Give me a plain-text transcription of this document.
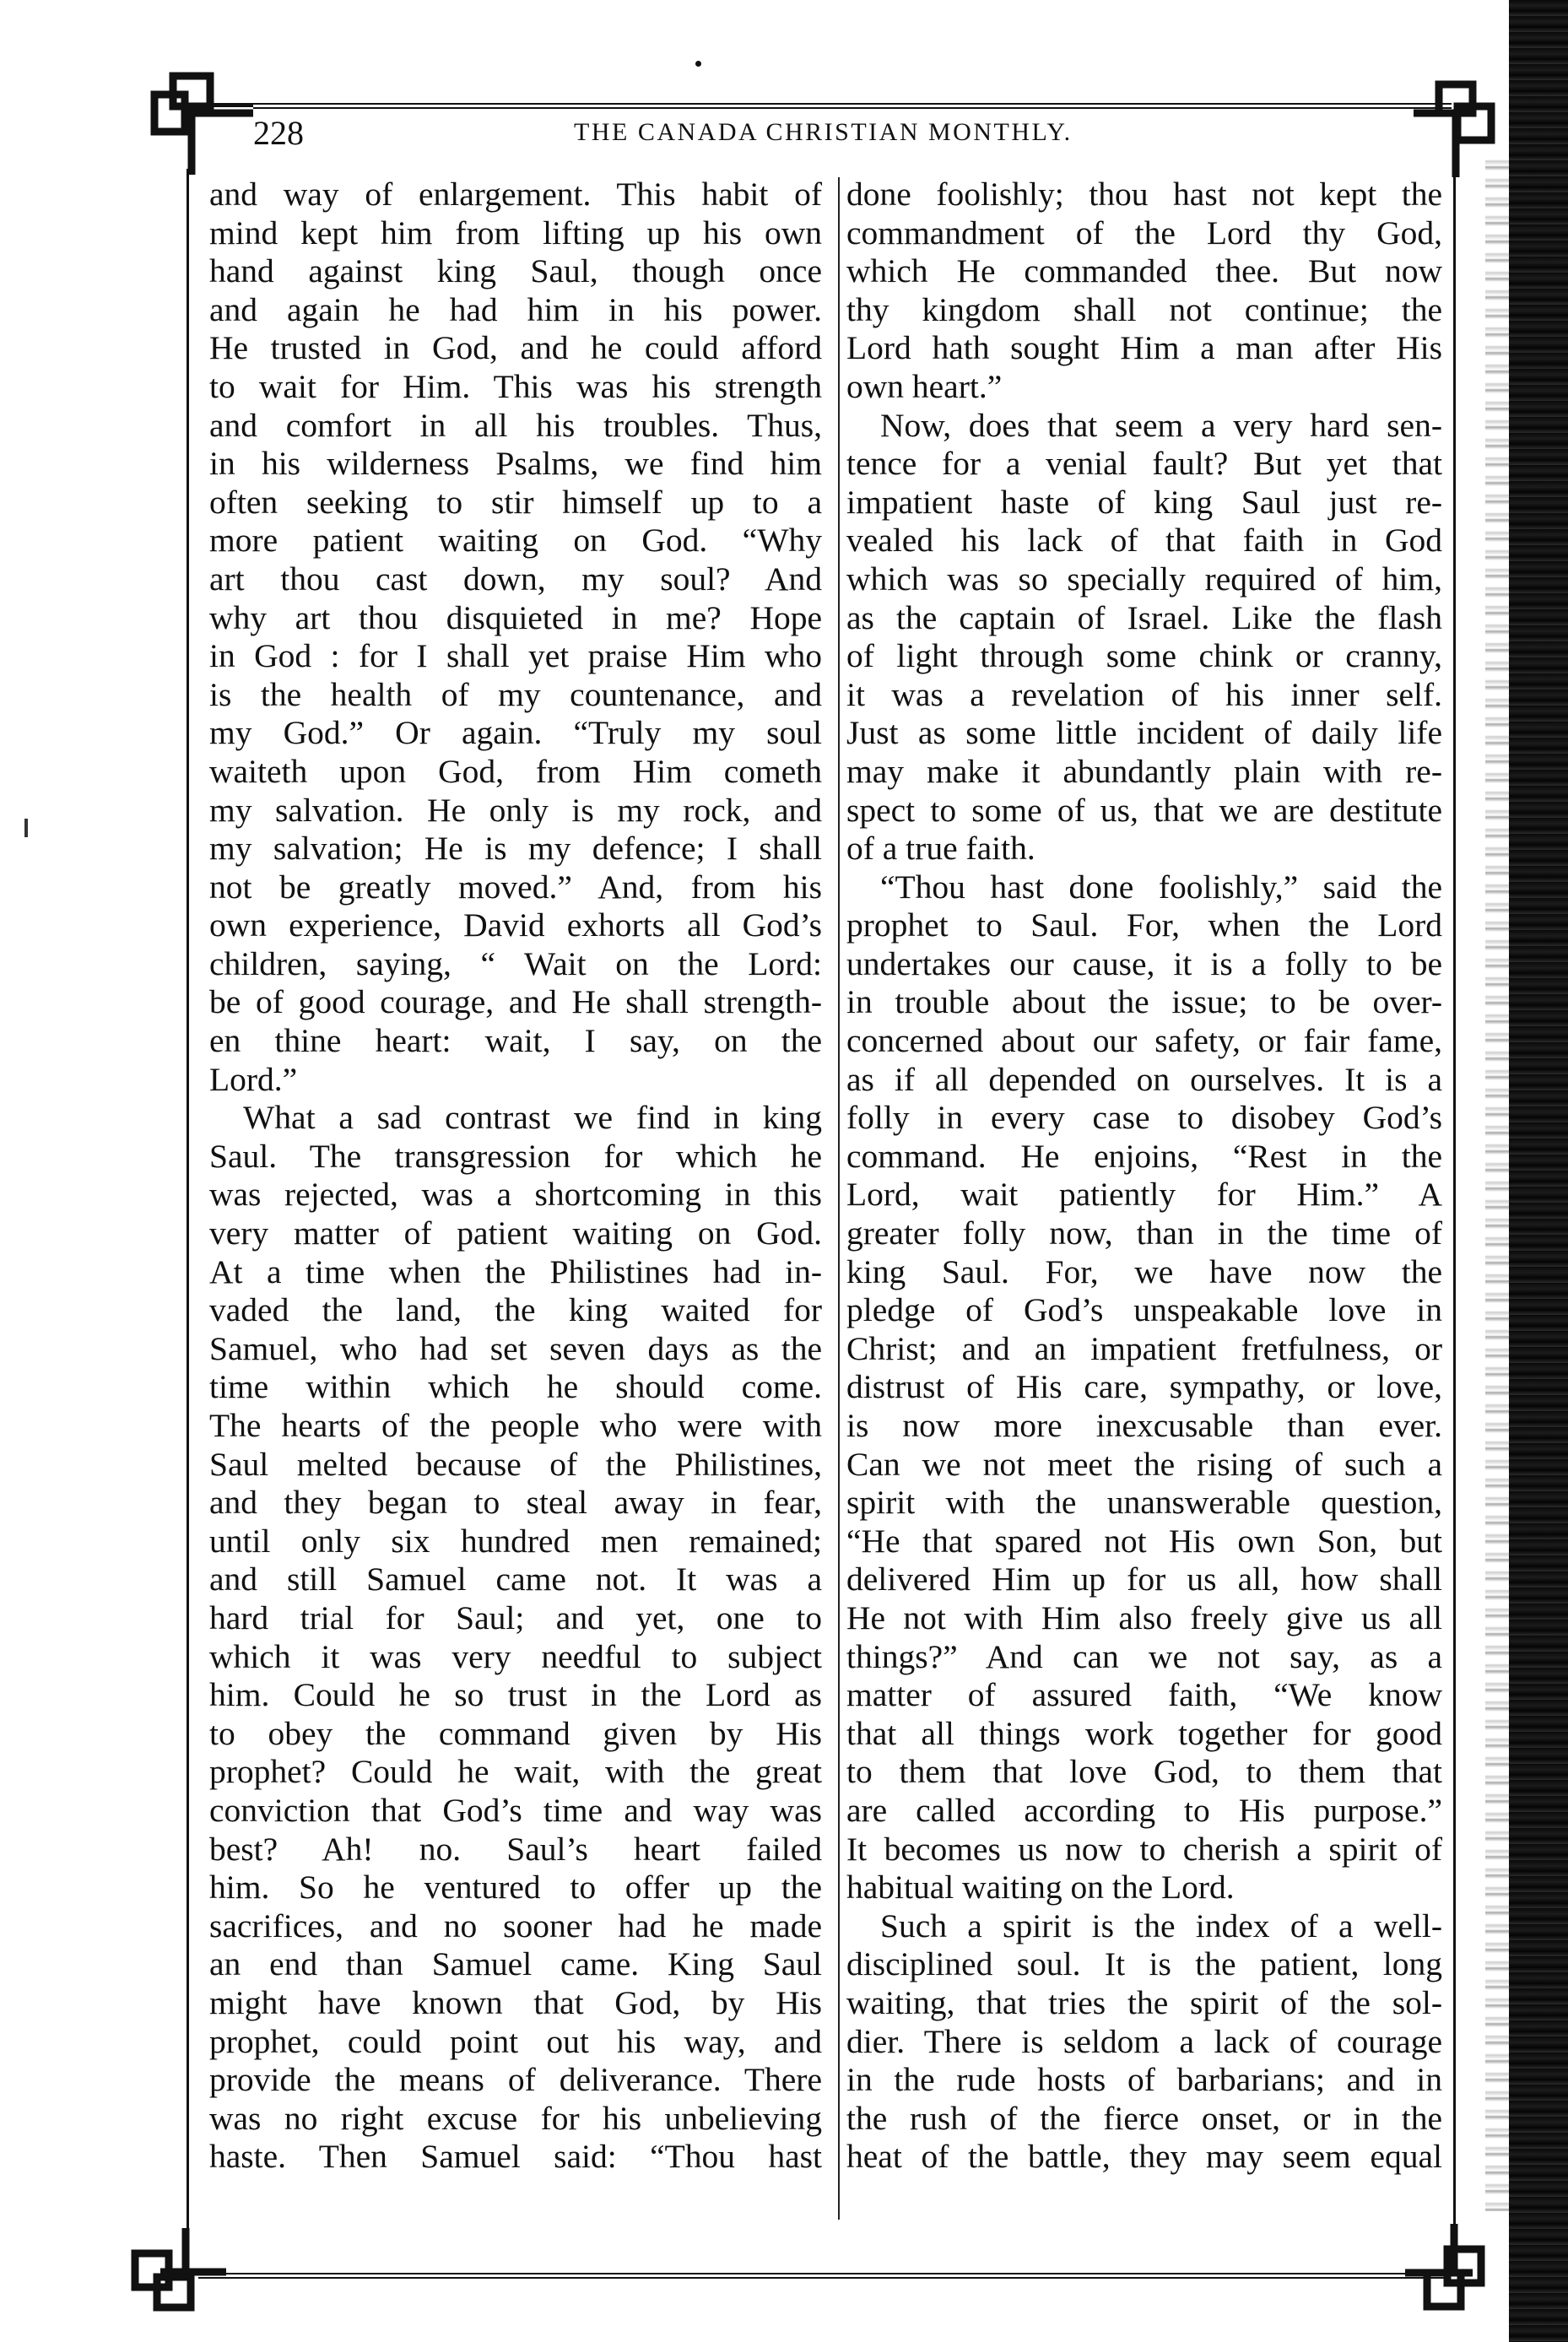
228	THE CANADA CHRISTIAN MONTHLY.
and way of enlargement. This habit of
mind kept him from lifting up his own
hand against king Saul, though once
and again he had him in his power.
He trusted in God, and he could afford
to wait for Him. This was his strength
and comfort in all his troubles. Thus,
in his wilderness Psalms, we find him
often seeking to stir himself up to a
more patient waiting on God. “Why
art thou cast down, my soul? And
why art thou disquieted in me? Hope
in God : for I shall yet praise Him who
is the health of my countenance, and
my God.” Or again. “Truly my soul
waiteth upon God, from Him cometh
my salvation. He only is my rock, and
my salvation; He is my defence; I shall
not be greatly moved.” And, from his
own experience, David exhorts all God’s
children, saying, “ Wait on the Lord:
be of good courage, and He shall strength-
en thine heart: wait, I say, on the
Lord.”
What a sad contrast we find in king
Saul. The transgression for which he
was rejected, was a shortcoming in this
very matter of patient waiting on God.
At a time when the Philistines had in-
vaded the land, the king waited for
Samuel, who had set seven days as the
time within which he should come.
The hearts of the people who were with
Saul melted because of the Philistines,
and they began to steal away in fear,
until only six hundred men remained;
and still Samuel came not. It was a
hard trial for Saul; and yet, one to
which it was very needful to subject
him. Could he so trust in the Lord as
to obey the command given by His
prophet? Could he wait, with the great
conviction that God’s time and way was
best? Ah! no. Saul’s heart failed
him. So he ventured to offer up the
sacrifices, and no sooner had he made
an end than Samuel came. King Saul
might have known that God, by His
prophet, could point out his way, and
provide the means of deliverance. There
was no right excuse for his unbelieving
haste. Then Samuel said: “Thou hast
done foolishly; thou hast not kept the
commandment of the Lord thy God,
which He commanded thee. But now
thy kingdom shall not continue; the
Lord hath sought Him a man after His
own heart.”
Now, does that seem a very hard sen-
tence for a venial fault? But yet that
impatient haste of king Saul just re-
vealed his lack of that faith in God
which was so specially required of him,
as the captain of Israel. Like the flash
of light through some chink or cranny,
it was a revelation of his inner self.
Just as some little incident of daily life
may make it abundantly plain with re-
spect to some of us, that we are destitute
of a true faith.
“Thou hast done foolishly,” said the
prophet to Saul. For, when the Lord
undertakes our cause, it is a folly to be
in trouble about the issue; to be over-
concerned about our safety, or fair fame,
as if all depended on ourselves. It is a
folly in every case to disobey God’s
command. He enjoins, “Rest in the
Lord, wait patiently for Him.” A
greater folly now, than in the time of
king Saul. For, we have now the
pledge of God’s unspeakable love in
Christ; and an impatient fretfulness, or
distrust of His care, sympathy, or love,
is now more inexcusable than ever.
Can we not meet the rising of such a
spirit with the unanswerable question,
“He that spared not His own Son, but
delivered Him up for us all, how shall
He not with Him also freely give us all
things?” And can we not say, as a
matter of assured faith, “We know
that all things work together for good
to them that love God, to them that
are called according to His purpose.”
It becomes us now to cherish a spirit of
habitual waiting on the Lord.
Such a spirit is the index of a well-
disciplined soul. It is the patient, long
waiting, that tries the spirit of the sol-
dier. There is seldom a lack of courage
in the rude hosts of barbarians; and in
the rush of the fierce onset, or in the
heat of the battle, they may seem equal
